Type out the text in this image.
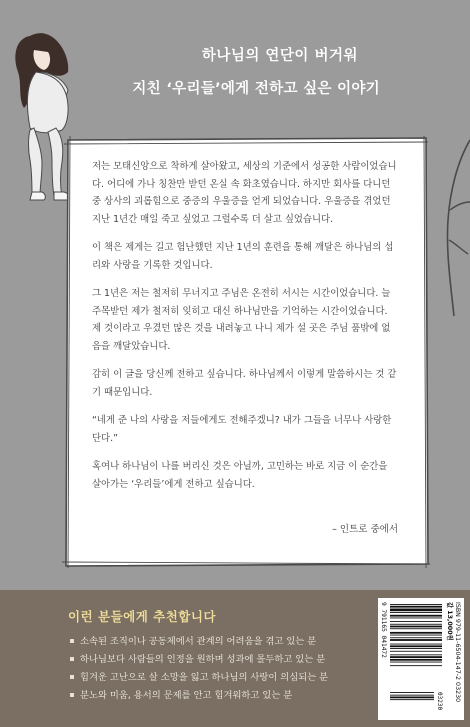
하나님의 연단이 버거워
지친 ‘우리들’에게 전하고 싶은 이야기

저는 모태신앙으로 착하게 살아왔고, 세상의 기준에서 성공한 사람이었습니다. 어디에 가나 칭찬만 받던 온실 속 화초였습니다. 하지만 회사를 다니던 중 상사의 괴롭힘으로 중증의 우울증을 얻게 되었습니다. 우울증을 겪었던 지난 1년간 매일 죽고 싶었고 그럴수록 더 살고 싶었습니다.

이 책은 제게는 길고 험난했던 지난 1년의 훈련을 통해 깨달은 하나님의 섭리와 사랑을 기록한 것입니다.

그 1년은 저는 철저히 무너지고 주님은 온전히 서시는 시간이었습니다. 늘 주목받던 제가 철저히 잊히고 대신 하나님만을 기억하는 시간이었습니다. 제 것이라고 우겼던 많은 것을 내려놓고 나니 제가 설 곳은 주님 품밖에 없음을 깨달았습니다.

감히 이 글을 당신께 전하고 싶습니다. 하나님께서 이렇게 말씀하시는 것 같기 때문입니다.

“네게 준 나의 사랑을 저들에게도 전해주겠니? 내가 그들을 너무나 사랑한단다.”

혹여나 하나님이 나를 버리신 것은 아닐까, 고민하는 바로 지금 이 순간을 살아가는 ‘우리들’에게 전하고 싶습니다.

– 인트로 중에서
이런 분들에게 추천합니다
소속된 조직이나 공동체에서 관계의 어려움을 겪고 있는 분
하나님보다 사람들의 인정을 원하며 성과에 몰두하고 있는 분
힘겨운 고난으로 살 소망을 잃고 하나님의 사랑이 의심되는 분
분노와 미움, 용서의 문제를 안고 힘겨워하고 있는 분	ISBN 979-11-6504-147-2 03230
값 13,000원
9 791165 041472
03230
